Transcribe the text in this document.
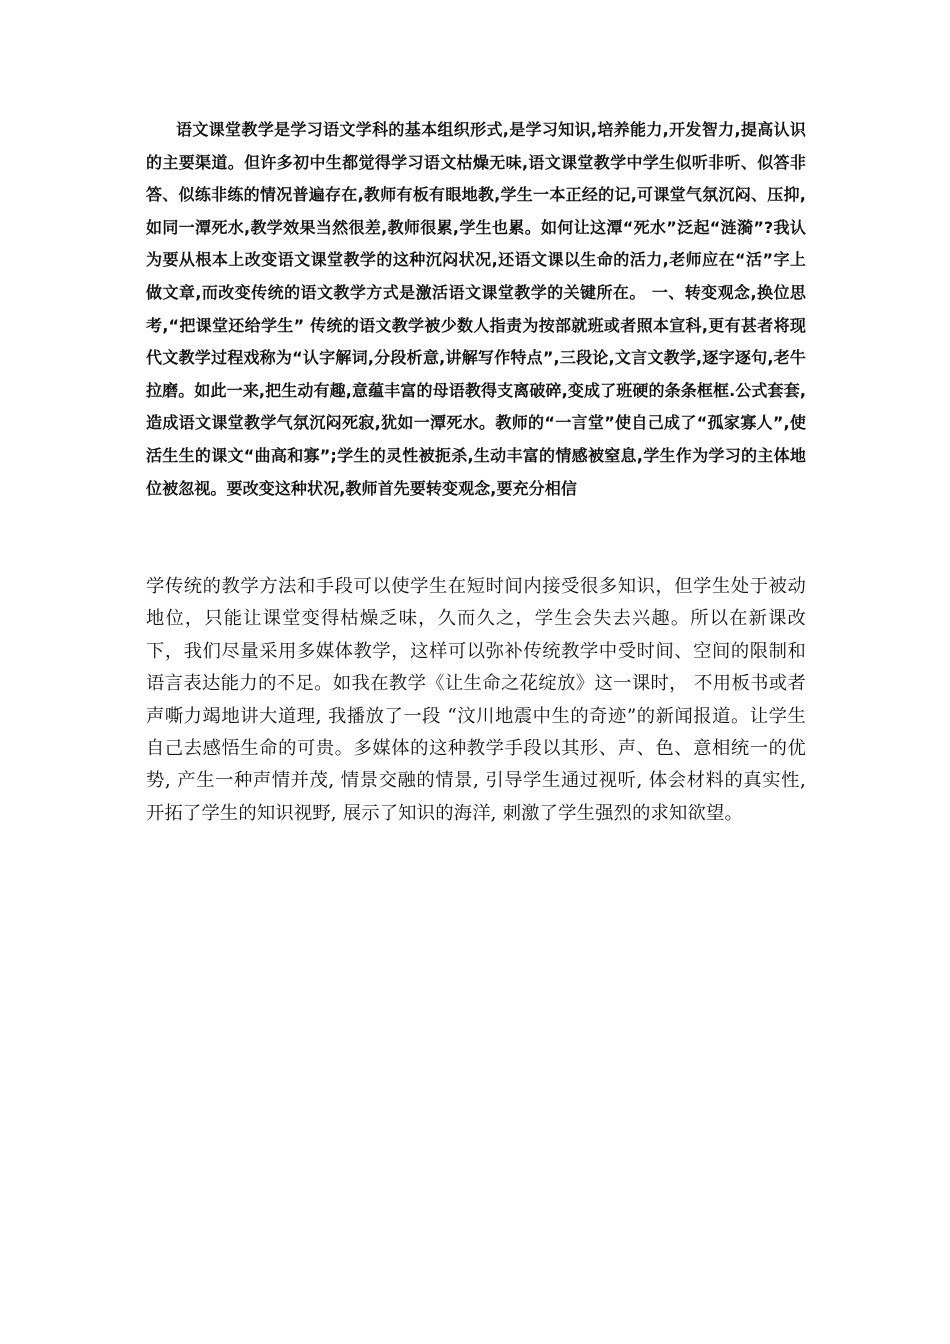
语文课堂教学是学习语文学科的基本组织形式,是学习知识,培养能力,开发智力,提高认识的主要渠道。但许多初中生都觉得学习语文枯燥无味,语文课堂教学中学生似听非听、似答非答、似练非练的情况普遍存在,教师有板有眼地教,学生一本正经的记,可课堂气氛沉闷、压抑,如同一潭死水,教学效果当然很差,教师很累,学生也累。如何让这潭“死水”泛起“涟漪”?我认为要从根本上改变语文课堂教学的这种沉闷状况,还语文课以生命的活力,老师应在“活”字上做文章,而改变传统的语文教学方式是激活语文课堂教学的关键所在。 一、转变观念,换位思考,“把课堂还给学生” 传统的语文教学被少数人指责为按部就班或者照本宣科,更有甚者将现代文教学过程戏称为“认字解词,分段析意,讲解写作特点”,三段论,文言文教学,逐字逐句,老牛拉磨。如此一来,把生动有趣,意蕴丰富的母语教得支离破碎,变成了班硬的条条框框.公式套套,造成语文课堂教学气氛沉闷死寂,犹如一潭死水。教师的“一言堂”使自己成了“孤家寡人”,使活生生的课文“曲高和寡”;学生的灵性被扼杀,生动丰富的情感被窒息,学生作为学习的主体地位被忽视。要改变这种状况,教师首先要转变观念,要充分相信

学传统的教学方法和手段可以使学生在短时间内接受很多知识，但学生处于被动地位，只能让课堂变得枯燥乏味，久而久之，学生会失去兴趣。所以在新课改下，我们尽量采用多媒体教学，这样可以弥补传统教学中受时间、空间的限制和语言表达能力的不足。如我在教学《让生命之花绽放》这一课时， 不用板书或者声嘶力竭地讲大道理, 我播放了一段 “汶川地震中生的奇迹”的新闻报道。让学生自己去感悟生命的可贵。多媒体的这种教学手段以其形、声、色、意相统一的优势, 产生一种声情并茂, 情景交融的情景, 引导学生通过视听, 体会材料的真实性, 开拓了学生的知识视野, 展示了知识的海洋, 刺激了学生强烈的求知欲望。
